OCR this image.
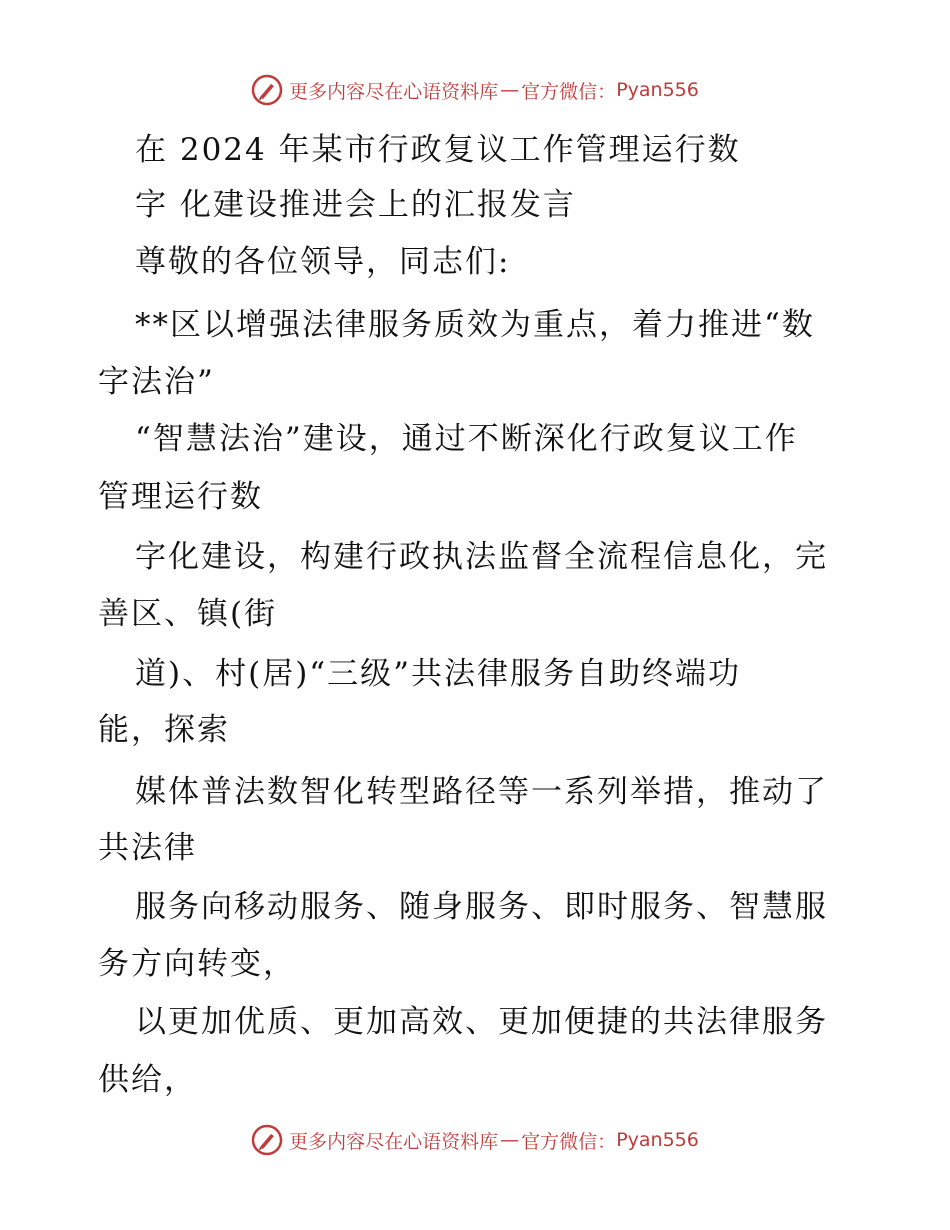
更多内容尽在心语资料库 — 官方微信： Pyan556
在 2024 年某市行政复议工作管理运行数
字 化建设推进会上的汇报发言
尊敬的各位领导，同志们:
**区以增强法律服务质效为重点，着力推进“数
字法治”
“智慧法治”建设，通过不断深化行政复议工作
管理运行数
字化建设，构建行政执法监督全流程信息化，完
善区、镇(街
道)、村(居)“三级”共法律服务自助终端功
能，探索
媒体普法数智化转型路径等一系列举措，推动了
共法律
服务向移动服务、随身服务、即时服务、智慧服
务方向转变，
以更加优质、更加高效、更加便捷的共法律服务
供给，
更多内容尽在心语资料库 — 官方微信： Pyan556
